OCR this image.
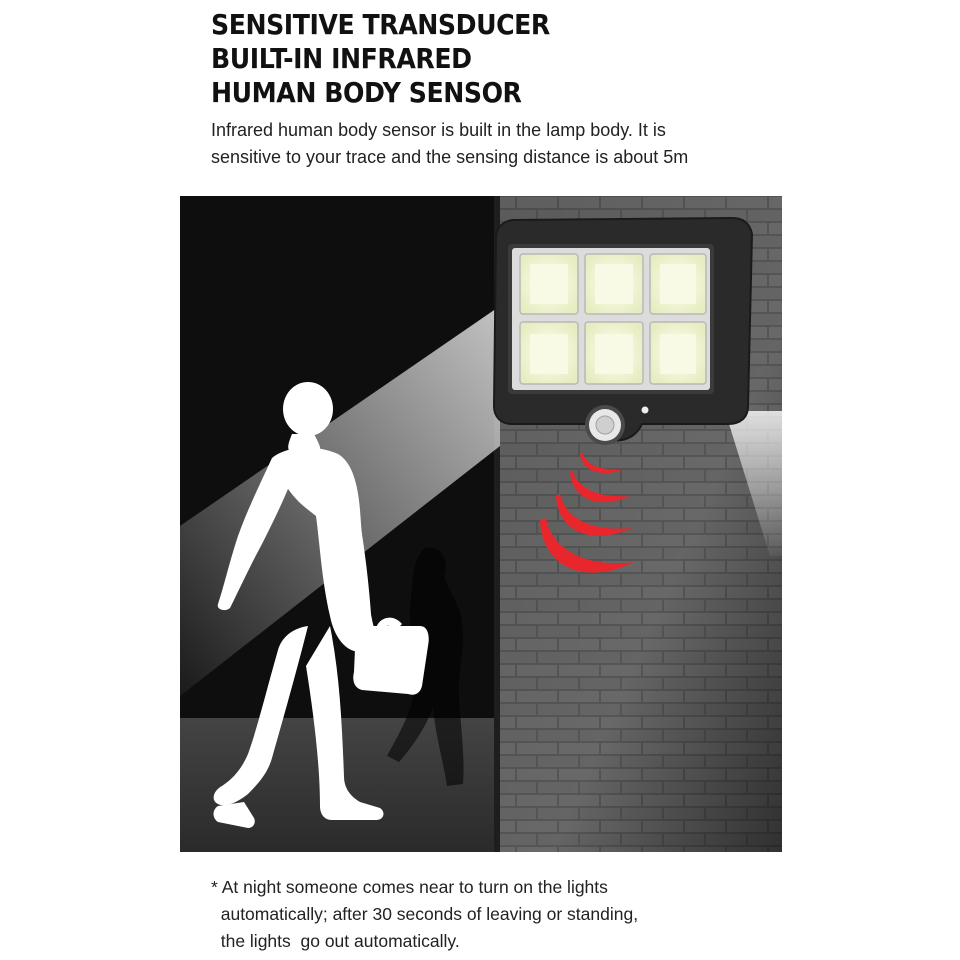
SENSITIVE TRANSDUCER
BUILT-IN INFRARED
HUMAN BODY SENSOR

Infrared human body sensor is built in the lamp body. It is
sensitive to your trace and the sensing distance is about 5m

* At night someone comes near to turn on the lights
automatically; after 30 seconds of leaving or standing,
the lights  go out automatically.
